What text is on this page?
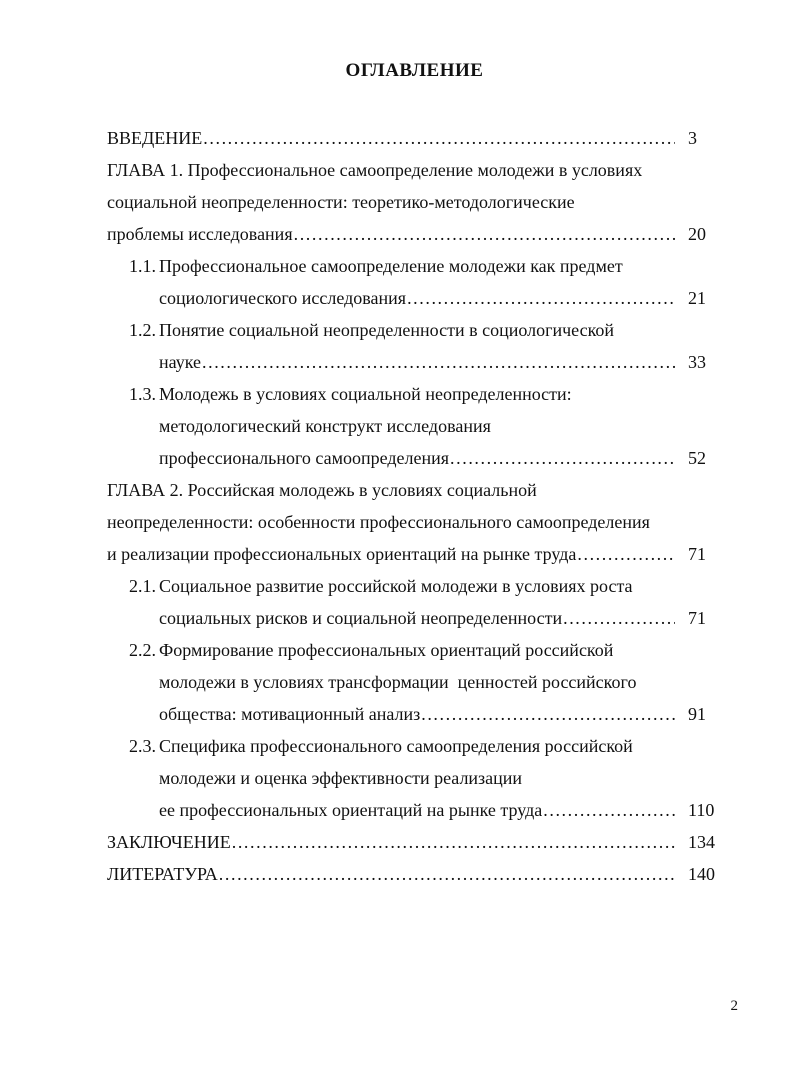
ОГЛАВЛЕНИЕ
ВВЕДЕНИЕ .....	3
ГЛАВА 1. Профессиональное самоопределение молодежи в условиях
социальной неопределенности: теоретико-методологические
проблемы исследования .....	20
1.1. Профессиональное самоопределение молодежи как предмет
социологического исследования .....	21
1.2. Понятие социальной неопределенности в социологической
науке .....	33
1.3. Молодежь в условиях социальной неопределенности:
методологический конструкт исследования
профессионального самоопределения .....	52
ГЛАВА 2. Российская молодежь в условиях социальной
неопределенности: особенности профессионального самоопределения
и реализации профессиональных ориентаций на рынке труда .....	71
2.1. Социальное развитие российской молодежи в условиях роста
социальных рисков и социальной неопределенности .....	71
2.2. Формирование профессиональных ориентаций российской
молодежи в условиях трансформации  ценностей российского
общества: мотивационный анализ .....	91
2.3. Специфика профессионального самоопределения российской
молодежи и оценка эффективности реализации
ее профессиональных ориентаций на рынке труда .....	110
ЗАКЛЮЧЕНИЕ .....	134
ЛИТЕРАТУРА .....	140
2
